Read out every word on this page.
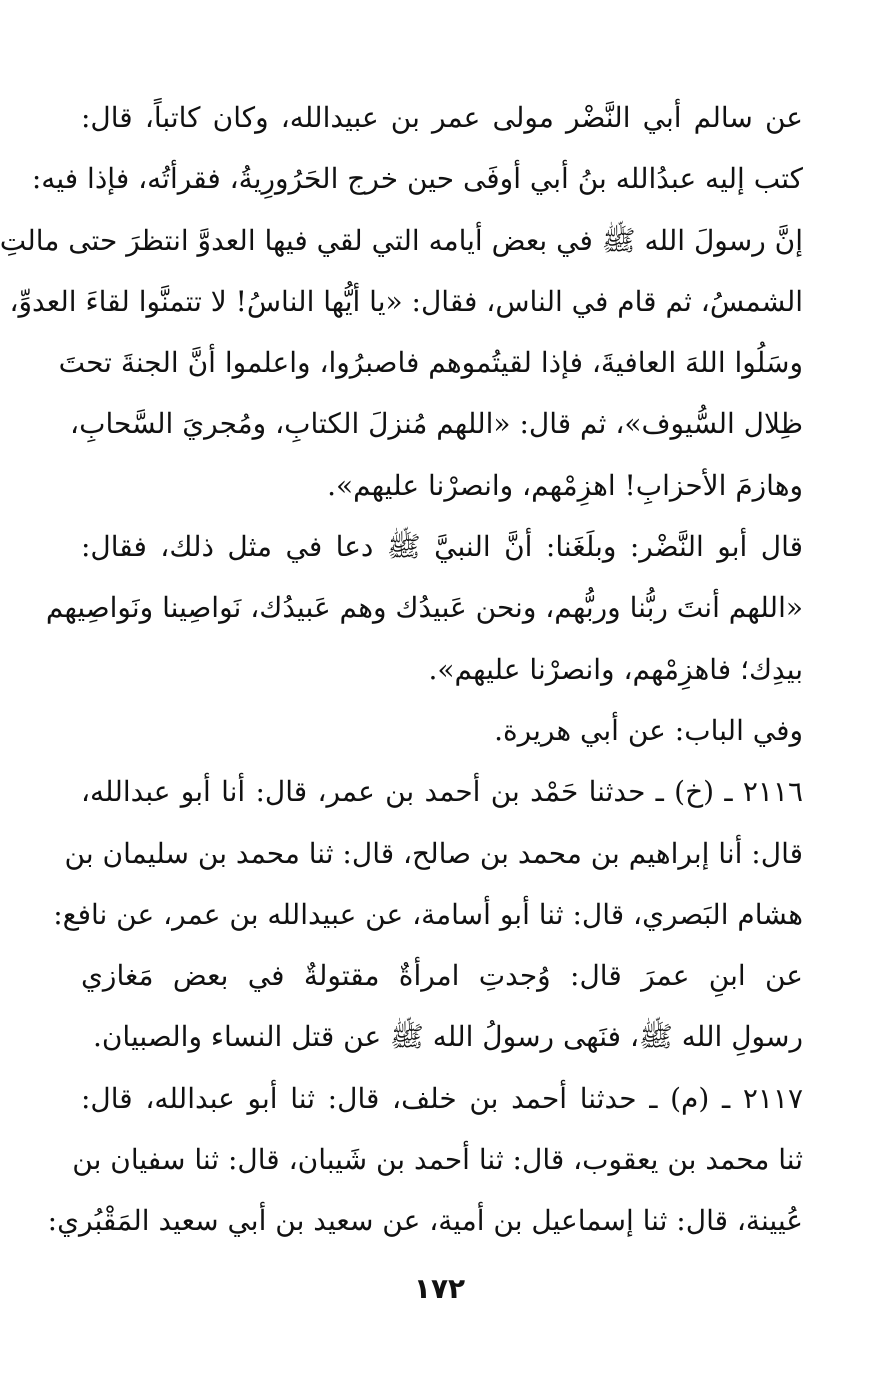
عن سالم أبي النَّضْر مولى عمر بن عبيدالله، وكان كاتباً، قال:
كتب إليه عبدُالله بنُ أبي أوفَى حين خرج الحَرُورِيةُ، فقرأتُه، فإذا فيه:
إنَّ رسولَ الله ﷺ في بعض أيامه التي لقي فيها العدوَّ انتظرَ حتى مالتِ
الشمسُ، ثم قام في الناس، فقال: «يا أيُّها الناسُ! لا تتمنَّوا لقاءَ العدوِّ،
وسَلُوا اللهَ العافيةَ، فإذا لقيتُموهم فاصبرُوا، واعلموا أنَّ الجنةَ تحتَ
ظِلال السُّيوف»، ثم قال: «اللهم مُنزلَ الكتابِ، ومُجريَ السَّحابِ،
وهازمَ الأحزابِ! اهزِمْهم، وانصرْنا عليهم».
قال أبو النَّضْر: وبلَغَنا: أنَّ النبيَّ ﷺ دعا في مثل ذلك، فقال:
«اللهم أنتَ ربُّنا وربُّهم، ونحن عَبيدُك وهم عَبيدُك، نَواصِينا ونَواصِيهم
بيدِك؛ فاهزِمْهم، وانصرْنا عليهم».
وفي الباب: عن أبي هريرة.
٢١١٦ ـ (خ) ـ حدثنا حَمْد بن أحمد بن عمر، قال: أنا أبو عبدالله،
قال: أنا إبراهيم بن محمد بن صالح، قال: ثنا محمد بن سليمان بن
هشام البَصري، قال: ثنا أبو أسامة، عن عبيدالله بن عمر، عن نافع:
عن ابنِ عمرَ قال: وُجدتِ امرأةٌ مقتولةٌ في بعض مَغازي
رسولِ الله ﷺ، فنَهى رسولُ الله ﷺ عن قتل النساء والصبيان.
٢١١٧ ـ (م) ـ حدثنا أحمد بن خلف، قال: ثنا أبو عبدالله، قال:
ثنا محمد بن يعقوب، قال: ثنا أحمد بن شَيبان، قال: ثنا سفيان بن
عُيينة، قال: ثنا إسماعيل بن أمية، عن سعيد بن أبي سعيد المَقْبُري:
١٧٢
